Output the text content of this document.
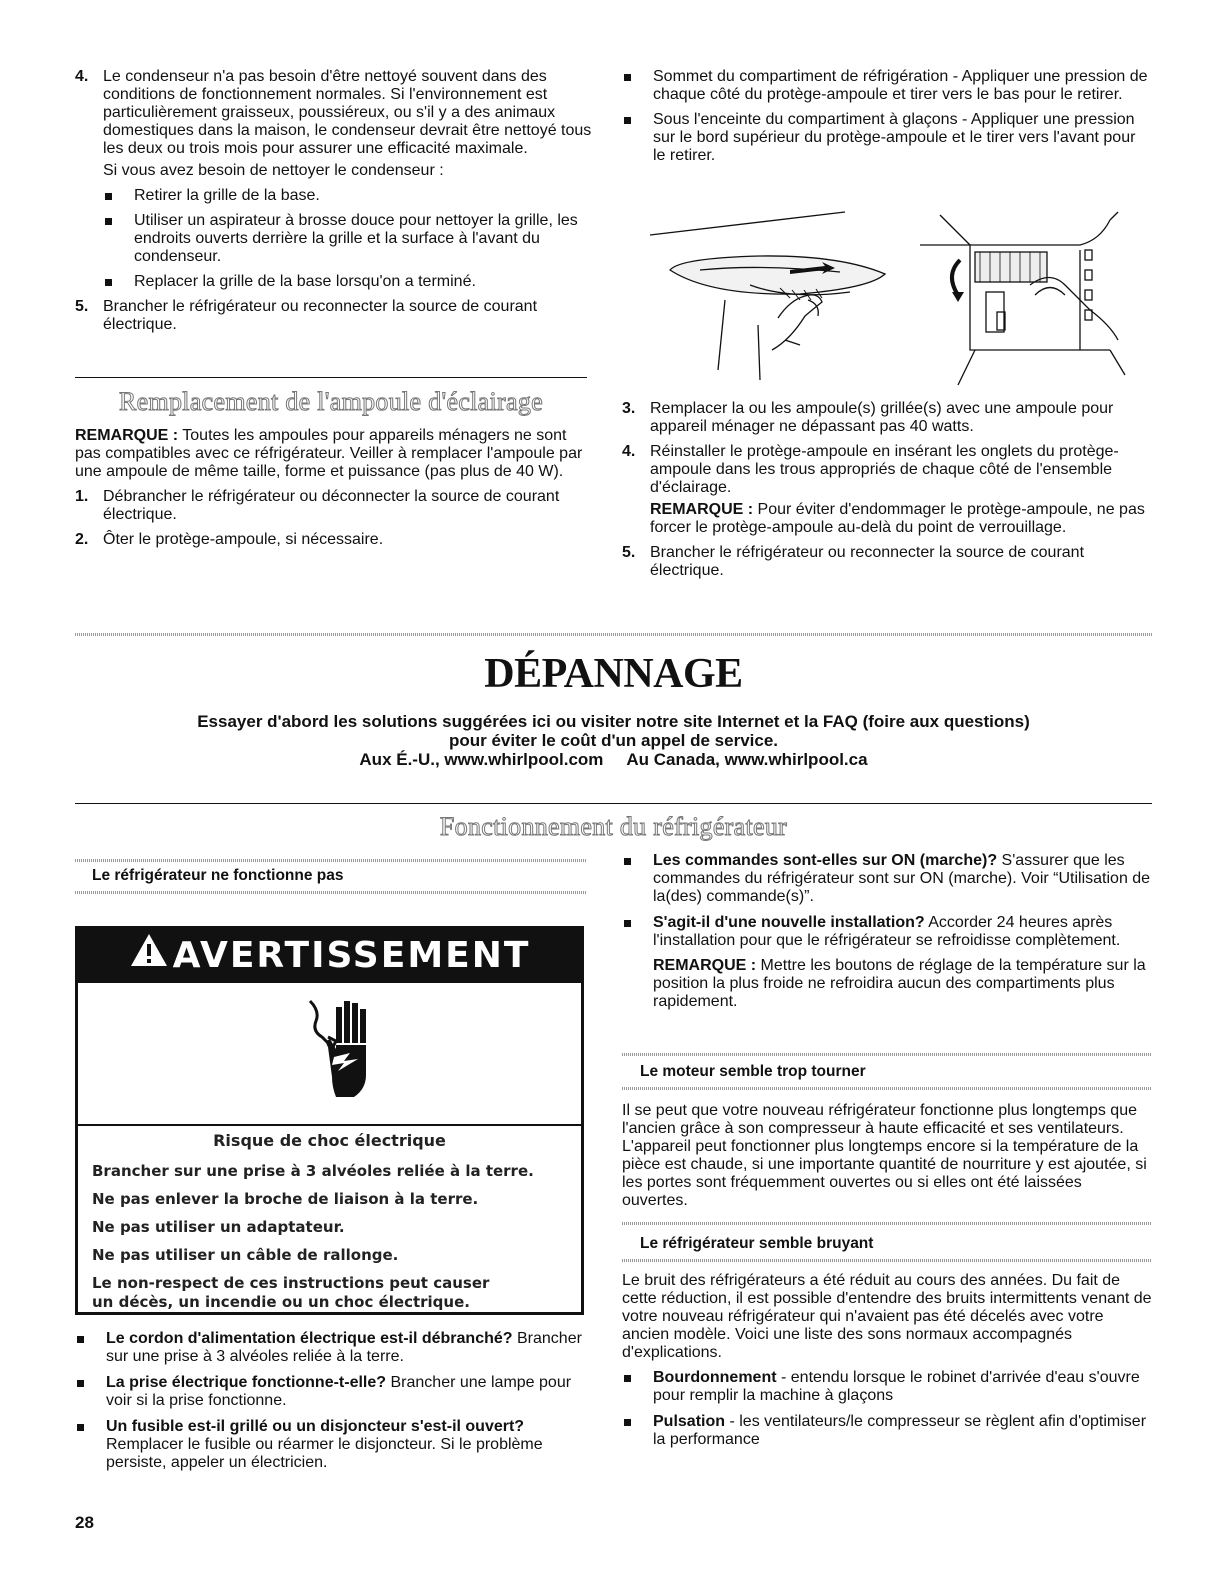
4. Le condenseur n'a pas besoin d'être nettoyé souvent dans des conditions de fonctionnement normales. Si l'environnement est particulièrement graisseux, poussiéreux, ou s'il y a des animaux domestiques dans la maison, le condenseur devrait être nettoyé tous les deux ou trois mois pour assurer une efficacité maximale.

Si vous avez besoin de nettoyer le condenseur :

Retirer la grille de la base.

Utiliser un aspirateur à brosse douce pour nettoyer la grille, les endroits ouverts derrière la grille et la surface à l'avant du condenseur.

Replacer la grille de la base lorsqu'on a terminé.

5. Brancher le réfrigérateur ou reconnecter la source de courant électrique.

Remplacement de l'ampoule d'éclairage

REMARQUE : Toutes les ampoules pour appareils ménagers ne sont pas compatibles avec ce réfrigérateur. Veiller à remplacer l'ampoule par une ampoule de même taille, forme et puissance (pas plus de 40 W).

1. Débrancher le réfrigérateur ou déconnecter la source de courant électrique.

2. Ôter le protège-ampoule, si nécessaire.

Sommet du compartiment de réfrigération - Appliquer une pression de chaque côté du protège-ampoule et tirer vers le bas pour le retirer.

Sous l'enceinte du compartiment à glaçons - Appliquer une pression sur le bord supérieur du protège-ampoule et le tirer vers l'avant pour le retirer.

3. Remplacer la ou les ampoule(s) grillée(s) avec une ampoule pour appareil ménager ne dépassant pas 40 watts.

4. Réinstaller le protège-ampoule en insérant les onglets du protège-ampoule dans les trous appropriés de chaque côté de l'ensemble d'éclairage.

REMARQUE : Pour éviter d'endommager le protège-ampoule, ne pas forcer le protège-ampoule au-delà du point de verrouillage.

5. Brancher le réfrigérateur ou reconnecter la source de courant électrique.

DÉPANNAGE

Essayer d'abord les solutions suggérées ici ou visiter notre site Internet et la FAQ (foire aux questions)

pour éviter le coût d'un appel de service.

Aux É.-U., www.whirlpool.com     Au Canada, www.whirlpool.ca

Fonctionnement du réfrigérateur
Le réfrigérateur ne fonctionne pas
AVERTISSEMENT

Risque de choc électrique

Brancher sur une prise à 3 alvéoles reliée à la terre.

Ne pas enlever la broche de liaison à la terre.

Ne pas utiliser un adaptateur.

Ne pas utiliser un câble de rallonge.

Le non-respect de ces instructions peut causer

un décès, un incendie ou un choc électrique.

Le cordon d'alimentation électrique est-il débranché? Brancher sur une prise à 3 alvéoles reliée à la terre.

La prise électrique fonctionne-t-elle? Brancher une lampe pour voir si la prise fonctionne.

Un fusible est-il grillé ou un disjoncteur s'est-il ouvert? Remplacer le fusible ou réarmer le disjoncteur. Si le problème persiste, appeler un électricien.

28

Les commandes sont-elles sur ON (marche)? S'assurer que les commandes du réfrigérateur sont sur ON (marche). Voir “Utilisation de la(des) commande(s)”.

S'agit-il d'une nouvelle installation? Accorder 24 heures après l'installation pour que le réfrigérateur se refroidisse complètement.

REMARQUE : Mettre les boutons de réglage de la température sur la position la plus froide ne refroidira aucun des compartiments plus rapidement.

Le moteur semble trop tourner
Il se peut que votre nouveau réfrigérateur fonctionne plus longtemps que l'ancien grâce à son compresseur à haute efficacité et ses ventilateurs. L'appareil peut fonctionner plus longtemps encore si la température de la pièce est chaude, si une importante quantité de nourriture y est ajoutée, si les portes sont fréquemment ouvertes ou si elles ont été laissées ouvertes.
Le réfrigérateur semble bruyant

Le bruit des réfrigérateurs a été réduit au cours des années. Du fait de cette réduction, il est possible d'entendre des bruits intermittents venant de votre nouveau réfrigérateur qui n'avaient pas été décelés avec votre ancien modèle. Voici une liste des sons normaux accompagnés d'explications.

Bourdonnement - entendu lorsque le robinet d'arrivée d'eau s'ouvre pour remplir la machine à glaçons

Pulsation - les ventilateurs/le compresseur se règlent afin d'optimiser la performance
